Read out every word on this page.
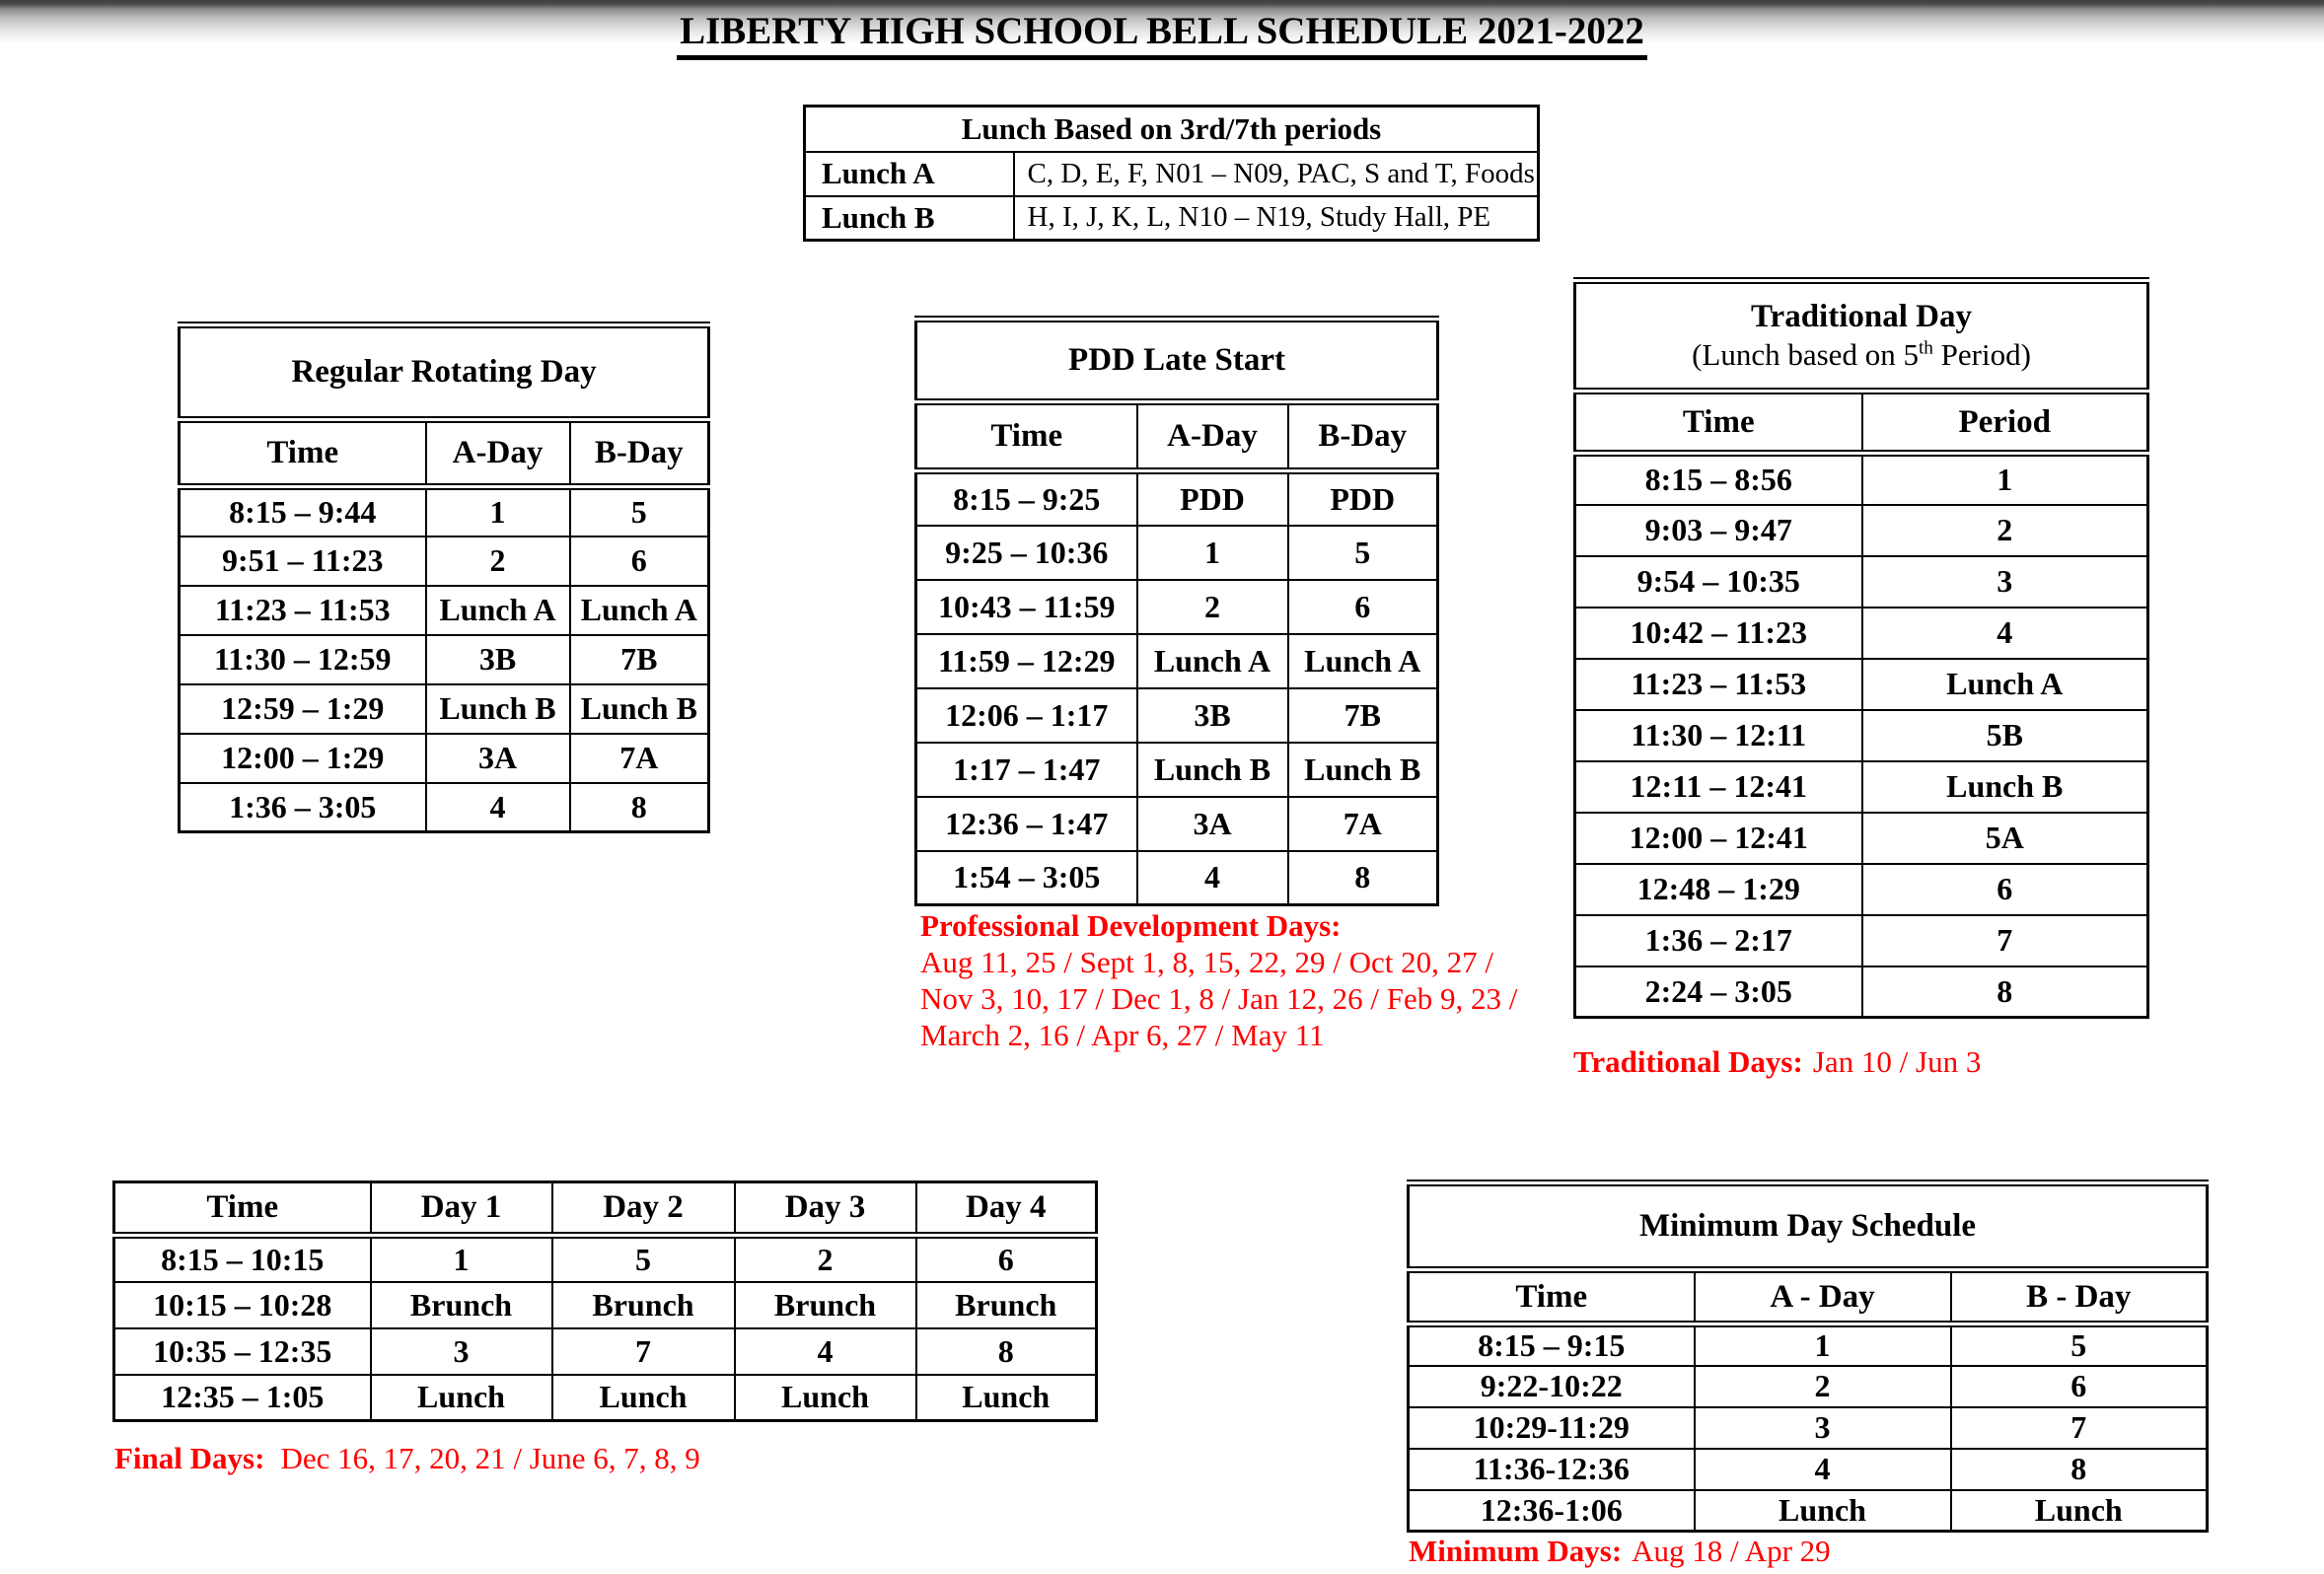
LIBERTY HIGH SCHOOL BELL SCHEDULE 2021-2022
Lunch Based on 3rd/7th periods	
Lunch A	C, D, E, F, N01 – N09, PAC, S and T, Foods
Lunch B	H, I, J, K, L, N10 – N19, Study Hall, PE
Regular Rotating Day		
Time	A-Day	B-Day
8:15 – 9:44	1	5
9:51 – 11:23	2	6
11:23 – 11:53	Lunch A	Lunch A
11:30 – 12:59	3B	7B
12:59 – 1:29	Lunch B	Lunch B
12:00 – 1:29	3A	7A
1:36 – 3:05	4	8
PDD Late Start		
Time	A-Day	B-Day
8:15 – 9:25	PDD	PDD
9:25 – 10:36	1	5
10:43 – 11:59	2	6
11:59 – 12:29	Lunch A	Lunch A
12:06 – 1:17	3B	7B
1:17 – 1:47	Lunch B	Lunch B
12:36 – 1:47	3A	7A
1:54 – 3:05	4	8
Traditional Day
(Lunch based on 5th Period)	

Time	Period
8:15 – 8:56	1
9:03 – 9:47	2
9:54 – 10:35	3
10:42 – 11:23	4
11:23 – 11:53	Lunch A
11:30 – 12:11	5B
12:11 – 12:41	Lunch B
12:00 – 12:41	5A
12:48 – 1:29	6
1:36 – 2:17	7
2:24 – 3:05	8
Professional Development Days:
Aug 11, 25 / Sept 1, 8, 15, 22, 29 / Oct 20, 27 /
Nov 3, 10, 17 / Dec 1, 8 / Jan 12, 26 / Feb 9, 23 /
March 2, 16 / Apr 6, 27 / May 11
Traditional Days: Jan 10 / Jun 3
Time	Day 1	Day 2	Day 3	Day 4
8:15 – 10:15	1	5	2	6
10:15 – 10:28	Brunch	Brunch	Brunch	Brunch
10:35 – 12:35	3	7	4	8
12:35 – 1:05	Lunch	Lunch	Lunch	Lunch
Final Days: Dec 16, 17, 20, 21 / June 6, 7, 8, 9
Minimum Day Schedule		
Time	A - Day	B - Day
8:15 – 9:15	1	5
9:22-10:22	2	6
10:29-11:29	3	7
11:36-12:36	4	8
12:36-1:06	Lunch	Lunch
Minimum Days: Aug 18 / Apr 29
